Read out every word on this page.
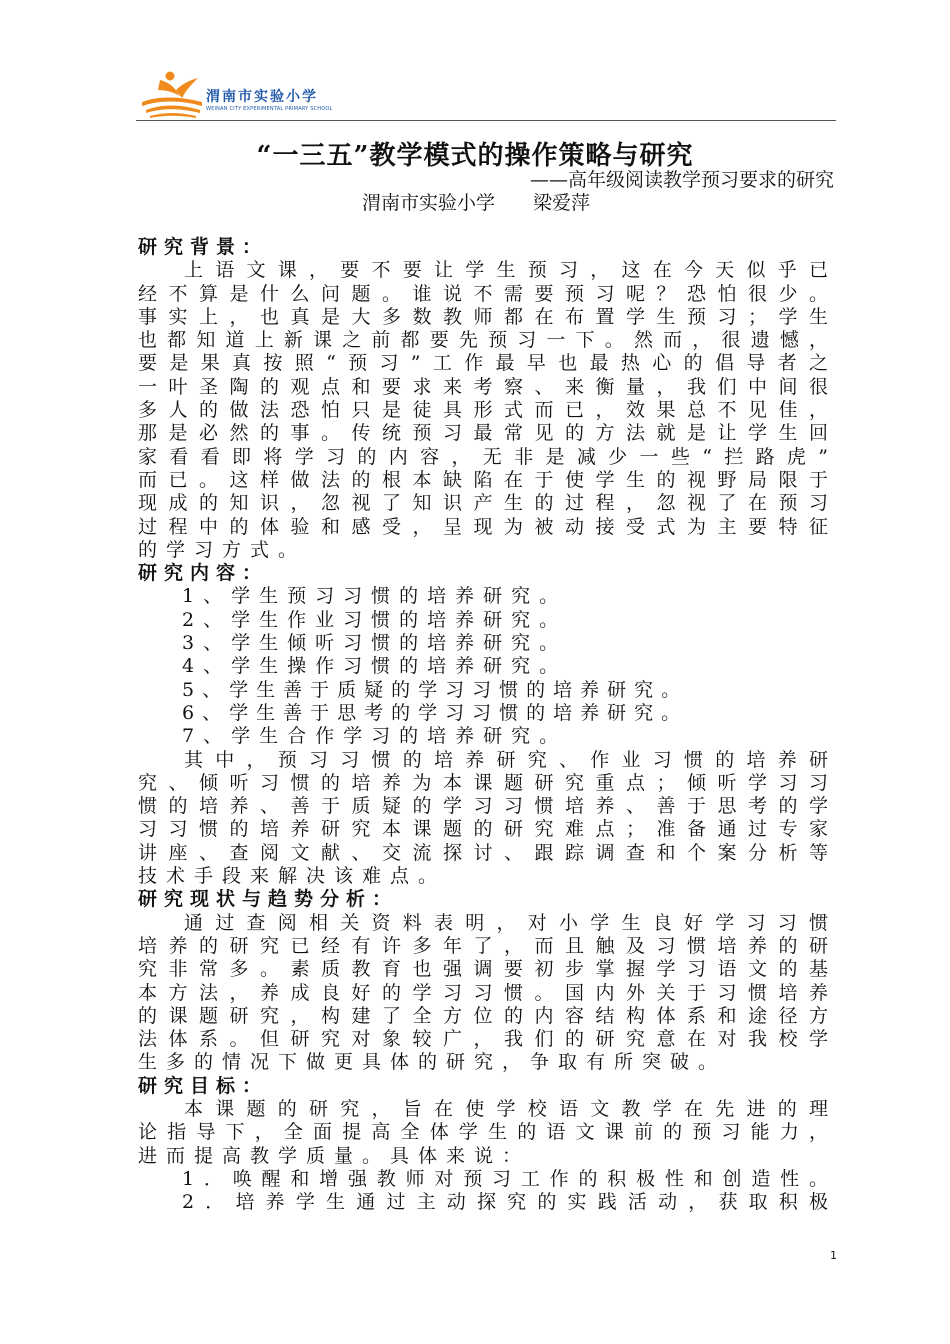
渭南市实验小学
WEINAN CITY EXPERIMENTAL PRIMARY SCHOOL
“一三五”教学模式的操作策略与研究
——高年级阅读教学预习要求的研究
渭南市实验小学 梁爱萍
研究背景：
上语文课，要不要让学生预习，这在今天似乎已
经不算是什么问题。谁说不需要预习呢？恐怕很少。
事实上，也真是大多数教师都在布置学生预习；学生
也都知道上新课之前都要先预习一下。然而，很遗憾，
要是果真按照“预习”工作最早也最热心的倡导者之
一叶圣陶的观点和要求来考察、来衡量，我们中间很
多人的做法恐怕只是徒具形式而已，效果总不见佳，
那是必然的事。传统预习最常见的方法就是让学生回
家看看即将学习的内容，无非是减少一些“拦路虎”
而已。这样做法的根本缺陷在于使学生的视野局限于
现成的知识，忽视了知识产生的过程，忽视了在预习
过程中的体验和感受，呈现为被动接受式为主要特征
的学习方式。
研究内容：
1、学生预习习惯的培养研究。
2、学生作业习惯的培养研究。
3、学生倾听习惯的培养研究。
4、学生操作习惯的培养研究。
5、学生善于质疑的学习习惯的培养研究。
6、学生善于思考的学习习惯的培养研究。
7、学生合作学习的培养研究。
其中，预习习惯的培养研究、作业习惯的培养研
究、倾听习惯的培养为本课题研究重点；倾听学习习
惯的培养、善于质疑的学习习惯培养、善于思考的学
习习惯的培养研究本课题的研究难点；准备通过专家
讲座、查阅文献、交流探讨、跟踪调查和个案分析等
技术手段来解决该难点。
研究现状与趋势分析：
通过查阅相关资料表明，对小学生良好学习习惯
培养的研究已经有许多年了，而且触及习惯培养的研
究非常多。素质教育也强调要初步掌握学习语文的基
本方法，养成良好的学习习惯。国内外关于习惯培养
的课题研究，构建了全方位的内容结构体系和途径方
法体系。但研究对象较广，我们的研究意在对我校学
生多的情况下做更具体的研究，争取有所突破。
研究目标：
本课题的研究，旨在使学校语文教学在先进的理
论指导下，全面提高全体学生的语文课前的预习能力，
进而提高教学质量。具体来说：
1．唤醒和增强教师对预习工作的积极性和创造性。
2．培养学生通过主动探究的实践活动，获取积极
1
